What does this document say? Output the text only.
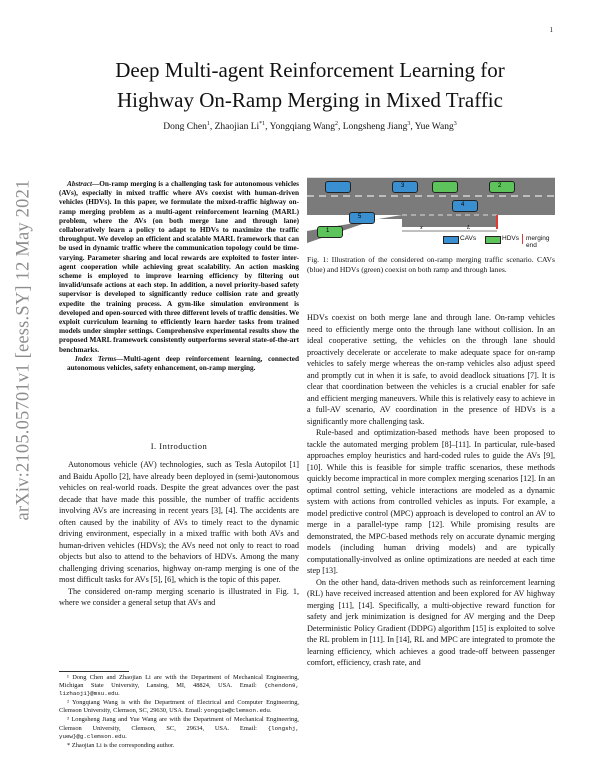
1
arXiv:2105.05701v1 [eess.SY] 12 May 2021
Deep Multi-agent Reinforcement Learning for
Highway On-Ramp Merging in Mixed Traffic
Dong Chen$^1$, Zhaojian Li$^{*1}$, Yongqiang Wang$^2$, Longsheng Jiang$^3$, Yue Wang$^3$

Abstract—On-ramp merging is a challenging task for autonomous vehicles (AVs), especially in mixed traffic where AVs coexist with human-driven vehicles (HDVs). In this paper, we formulate the mixed-traffic highway on-ramp merging problem as a multi-agent reinforcement learning (MARL) problem, where the AVs (on both merge lane and through lane) collaboratively learn a policy to adapt to HDVs to maximize the traffic throughput. We develop an efficient and scalable MARL framework that can be used in dynamic traffic where the communication topology could be time-varying. Parameter sharing and local rewards are exploited to foster inter-agent cooperation while achieving great scalability. An action masking scheme is employed to improve learning efficiency by filtering out invalid/unsafe actions at each step. In addition, a novel priority-based safety supervisor is developed to significantly reduce collision rate and greatly expedite the training process. A gym-like simulation environment is developed and open-sourced with three different levels of traffic densities. We exploit curriculum learning to efficiently learn harder tasks from trained models under simpler settings. Comprehensive experimental results show the proposed MARL framework consistently outperforms several state-of-the-art benchmarks.

Index Terms—Multi-agent deep reinforcement learning, connected autonomous vehicles, safety enhancement, on-ramp merging.

I. Introduction

Autonomous vehicle (AV) technologies, such as Tesla Autopilot [1] and Baidu Apollo [2], have already been deployed in (semi-)autonomous vehicles on real-world roads. Despite the great advances over the past decade that have made this possible, the number of traffic accidents involving AVs are increasing in recent years [3], [4]. The accidents are often caused by the inability of AVs to timely react to the dynamic driving environment, especially in a mixed traffic with both AVs and human-driven vehicles (HDVs); the AVs need not only to react to road objects but also to attend to the behaviors of HDVs. Among the many challenging driving scenarios, highway on-ramp merging is one of the most difficult tasks for AVs [5], [6], which is the topic of this paper.

The considered on-ramp merging scenario is illustrated in Fig. 1, where we consider a general setup that AVs and

¹ Dong Chen and Zhaojian Li are with the Department of Mechanical Engineering, Michigan State University, Lansing, MI, 48824, USA. Email: {chendon9, lizhaoj1}@msu.edu.

² Yongqiang Wang is with the Department of Electrical and Computer Engineering, Clemson University, Clemson, SC, 29630, USA. Email: yongqiw@clemson.edu.

³ Longsheng Jiang and Yue Wang are with the Department of Mechanical Engineering, Clemson University, Clemson, SC, 29634, USA. Email: {longshj, yuew}@g.clemson.edu.

* Zhaojian Li is the corresponding author.

x	L
3	2
4
5
1
CAVs	HDVs merging end
Fig. 1: Illustration of the considered on-ramp merging traffic scenario. CAVs (blue) and HDVs (green) coexist on both ramp and through lanes.

HDVs coexist on both merge lane and through lane. On-ramp vehicles need to efficiently merge onto the through lane without collision. In an ideal cooperative setting, the vehicles on the through lane should proactively decelerate or accelerate to make adequate space for on-ramp vehicles to safely merge whereas the on-ramp vehicles also adjust speed and promptly cut in when it is safe, to avoid deadlock situations [7]. It is clear that coordination between the vehicles is a crucial enabler for safe and efficient merging maneuvers. While this is relatively easy to achieve in a full-AV scenario, AV coordination in the presence of HDVs is a significantly more challenging task.

Rule-based and optimization-based methods have been proposed to tackle the automated merging problem [8]–[11]. In particular, rule-based approaches employ heuristics and hard-coded rules to guide the AVs [9], [10]. While this is feasible for simple traffic scenarios, these methods quickly become impractical in more complex merging scenarios [12]. In an optimal control setting, vehicle interactions are modeled as a dynamic system with actions from controlled vehicles as inputs. For example, a model predictive control (MPC) approach is developed to control an AV to merge in a parallel-type ramp [12]. While promising results are demonstrated, the MPC-based methods rely on accurate dynamic merging models (including human driving models) and are typically computationally-involved as online optimizations are needed at each time step [13].

On the other hand, data-driven methods such as reinforcement learning (RL) have received increased attention and been explored for AV highway merging [11], [14]. Specifically, a multi-objective reward function for safety and jerk minimization is designed for AV merging and the Deep Deterministic Policy Gradient (DDPG) algorithm [15] is exploited to solve the RL problem in [11]. In [14], RL and MPC are integrated to promote the learning efficiency, which achieves a good trade-off between passenger comfort, efficiency, crash rate, and
